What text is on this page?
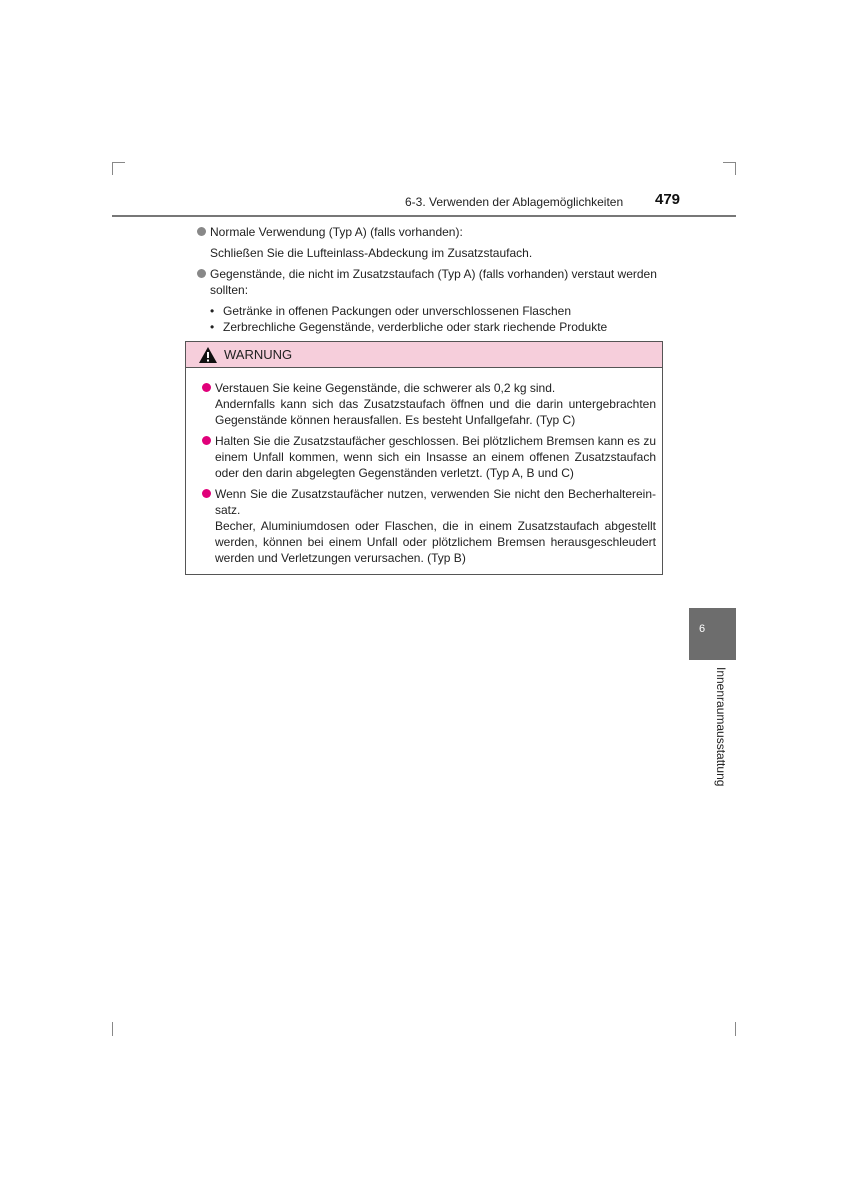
6-3. Verwenden der Ablagemöglichkeiten 479
Normale Verwendung (Typ A) (falls vorhanden):
Schließen Sie die Lufteinlass-Abdeckung im Zusatzstaufach.
Gegenstände, die nicht im Zusatzstaufach (Typ A) (falls vorhanden) verstaut werden sollten:
• Getränke in offenen Packungen oder unverschlossenen Flaschen
• Zerbrechliche Gegenstände, verderbliche oder stark riechende Produkte
WARNUNG
Verstauen Sie keine Gegenstände, die schwerer als 0,2 kg sind.
Andernfalls kann sich das Zusatzstaufach öffnen und die darin untergebrachten Gegenstände können herausfallen. Es besteht Unfallgefahr. (Typ C)
Halten Sie die Zusatzstaufächer geschlossen. Bei plötzlichem Bremsen kann es zu einem Unfall kommen, wenn sich ein Insasse an einem offenen Zusatzstaufach oder den darin abgelegten Gegenständen verletzt. (Typ A, B und C)
Wenn Sie die Zusatzstaufächer nutzen, verwenden Sie nicht den Becherhalterein-satz.
Becher, Aluminiumdosen oder Flaschen, die in einem Zusatzstaufach abgestellt werden, können bei einem Unfall oder plötzlichem Bremsen herausgeschleudert werden und Verletzungen verursachen. (Typ B)
6
Innenraumausstattung
